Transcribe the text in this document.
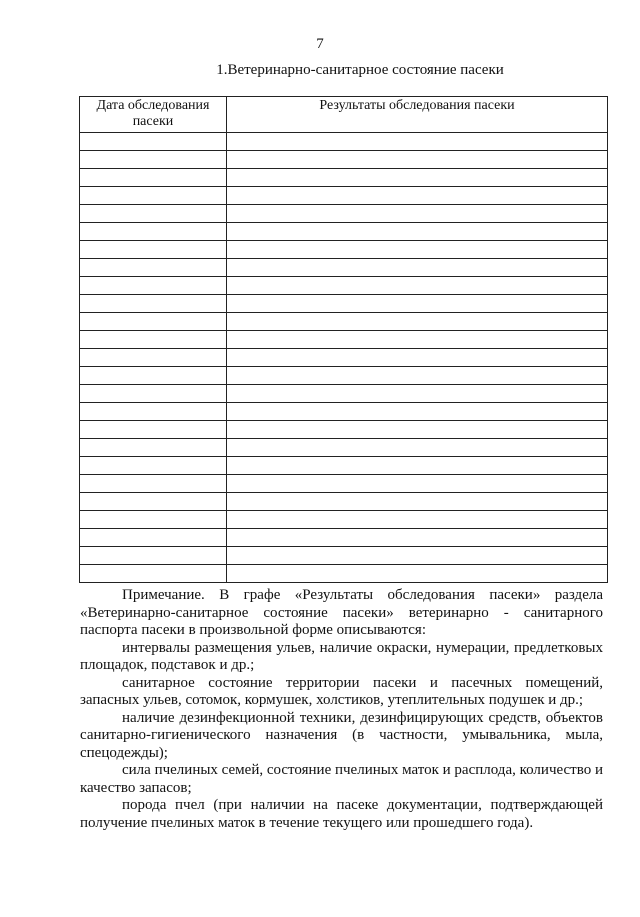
7
1.Ветеринарно-санитарное состояние пасеки
Дата обследования пасеки	Результаты обследования пасеки

Примечание. В графе «Результаты обследования пасеки» раздела «Ветеринарно-санитарное состояние пасеки» ветеринарно - санитарного паспорта пасеки в произвольной форме описываются:

интервалы размещения ульев, наличие окраски, нумерации, предлетковых площадок, подставок и др.;

санитарное состояние территории пасеки и пасечных помещений, запасных ульев, сотомок, кормушек, холстиков, утеплительных подушек и др.;

наличие дезинфекционной техники, дезинфицирующих средств, объектов санитарно-гигиенического назначения (в частности, умывальника, мыла, спецодежды);

сила пчелиных семей, состояние пчелиных маток и расплода, количество и качество запасов;

порода пчел (при наличии на пасеке документации, подтверждающей получение пчелиных маток в течение текущего или прошедшего года).
